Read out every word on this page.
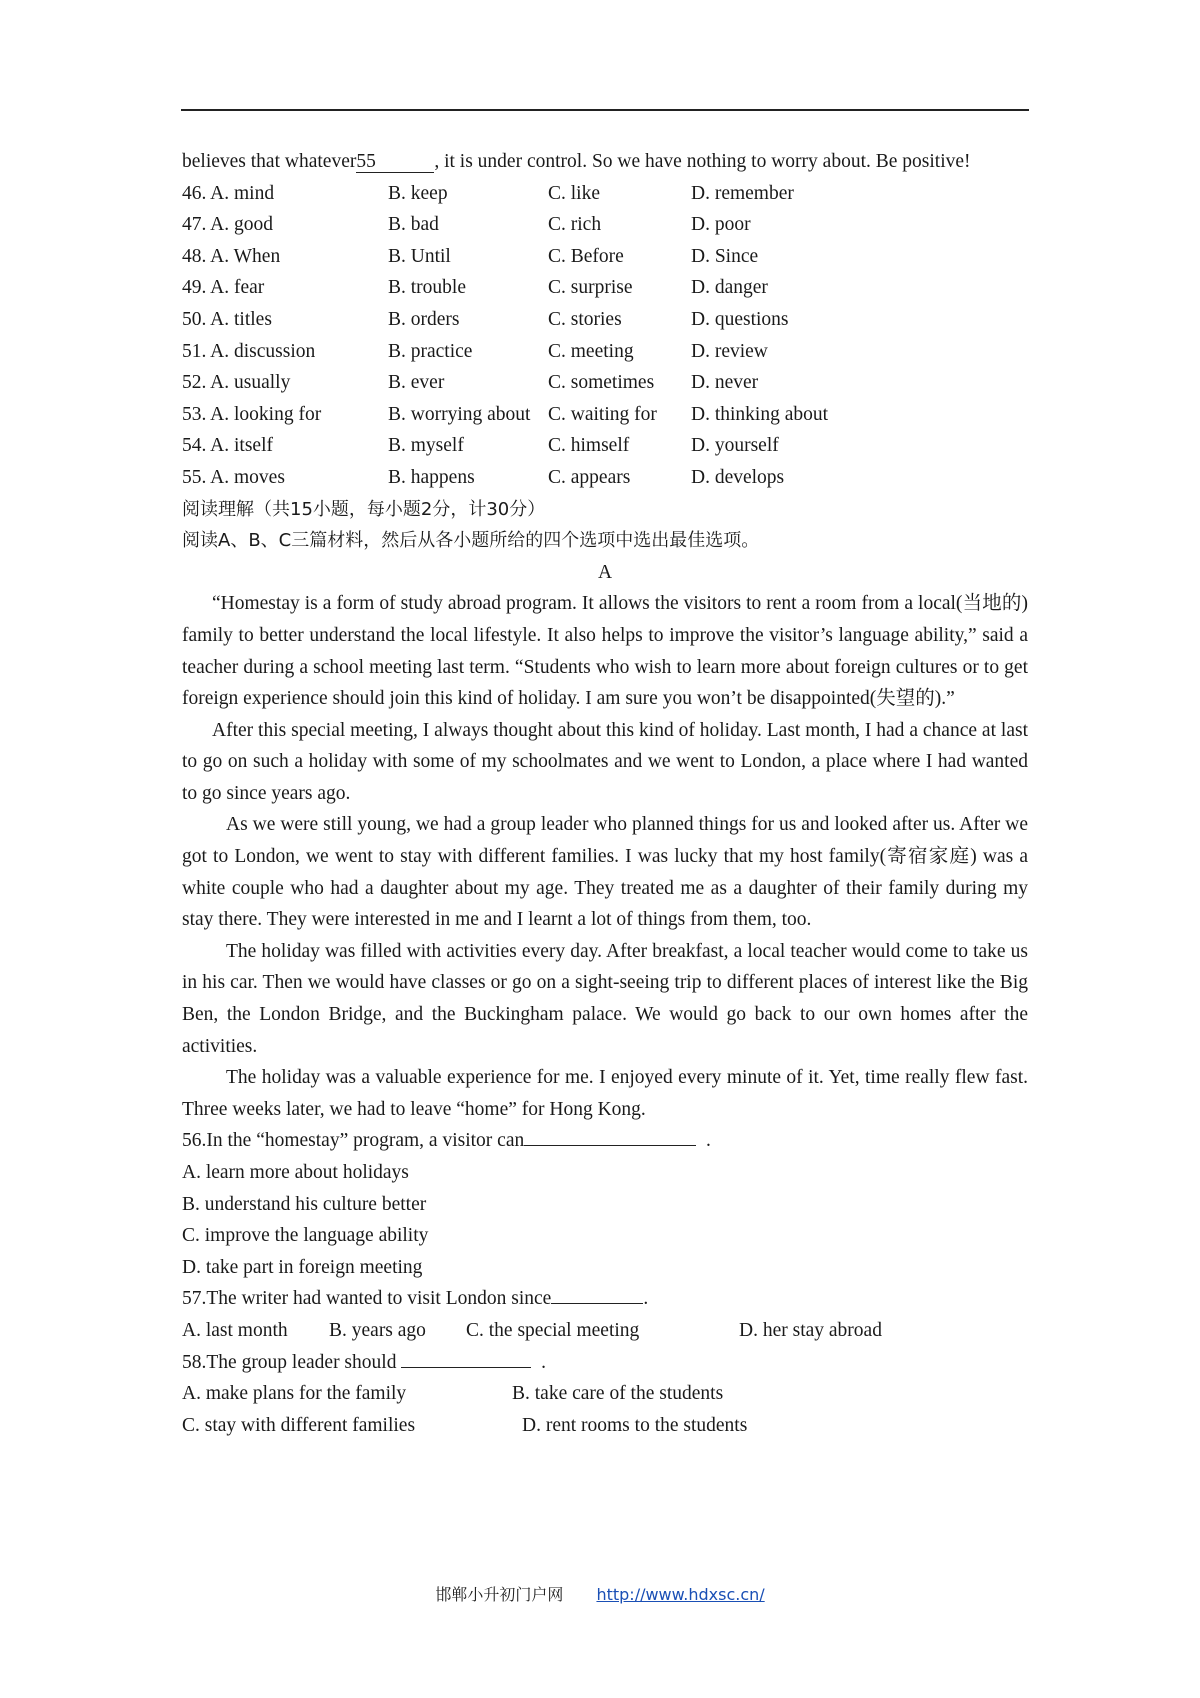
believes that whatever55	, it is under control. So we have nothing to worry about. Be positive!

46. A. mind	B. keep	C. like	D. remember
47. A. good	B. bad	C. rich	D. poor
48. A. When	B. Until	C. Before	D. Since
49. A. fear	B. trouble	C. surprise	D. danger
50. A. titles	B. orders	C. stories	D. questions
51. A. discussion	B. practice	C. meeting	D. review
52. A. usually	B. ever	C. sometimes	D. never
53. A. looking for	B. worrying about C. waiting for	D. thinking about
54. A. itself	B. myself	C. himself	D. yourself
55. A. moves	B. happens	C. appears	D. develops

阅读理解（共15小题，每小题2分，计30分）

阅读A、B、C三篇材料，然后从各小题所给的四个选项中选出最佳选项。

A

“Homestay is a form of study abroad program. It allows the visitors to rent a room from a local(当地的) family to better understand the local lifestyle. It also helps to improve the visitor’s language ability,” said a teacher during a school meeting last term. “Students who wish to learn more about foreign cultures or to get foreign experience should join this kind of holiday. I am sure you won’t be disappointed(失望的).”

After this special meeting, I always thought about this kind of holiday. Last month, I had a chance at last to go on such a holiday with some of my schoolmates and we went to London, a place where I had wanted to go since years ago.

As we were still young, we had a group leader who planned things for us and looked after us. After we got to London, we went to stay with different families. I was lucky that my host family(寄宿家庭) was a white couple who had a daughter about my age. They treated me as a daughter of their family during my stay there. They were interested in me and I learnt a lot of things from them, too.

The holiday was filled with activities every day. After breakfast, a local teacher would come to take us in his car. Then we would have classes or go on a sight-seeing trip to different places of interest like the Big Ben, the London Bridge, and the Buckingham palace. We would go back to our own homes after the activities.

The holiday was a valuable experience for me. I enjoyed every minute of it. Yet, time really flew fast. Three weeks later, we had to leave “home” for Hong Kong.

56.In the “homestay” program, a visitor can	.

A. learn more about holidays

B. understand his culture better

C. improve the language ability

D. take part in foreign meeting

57.The writer had wanted to visit London since	.

A. last month	B. years ago	C. the special meeting	D. her stay abroad

58.The group leader should	.

A. make plans for the family	B. take care of the students
C. stay with different families	D. rent rooms to the students
邯郸小升初门户网 http://www.hdxsc.cn/
